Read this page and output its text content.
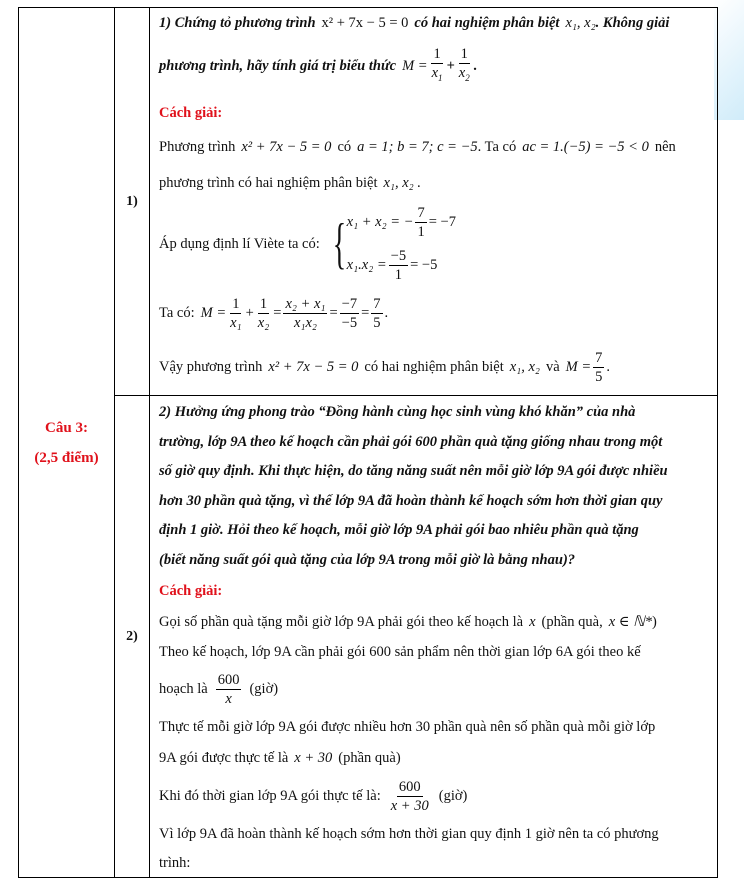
Câu 3:
(2,5 điểm)
	1)	
1) Chứng tỏ phương trình x² + 7x − 5 = 0 có hai nghiệm phân biệt x₁, x₂ . Không giải
phương trình, hãy tính giá trị biểu thức $M = \frac{1}{x_1} + \frac{1}{x_2}$ .
Cách giải:
Phương trình x² + 7x − 5 = 0 có a = 1; b = 7; c = −5 . Ta có ac = 1.(−5) = −5 < 0 nên
phương trình có hai nghiệm phân biệt x₁, x₂ .
Áp dụng định lí Viète ta có: { x₁ + x₂ = − $\frac{7}{1} = -7$
$x_1.x_2 = \frac{-5}{1} = -5$
Ta có: $M = \frac{1}{\text{x₁}} + \frac{1}{\text{x₂}} = \frac{\text{x₂ + x₁}}{\text{x₁x₂}} = \frac{-7}{-5} = \frac{7}{5}$ .
Vậy phương trình x² + 7x − 5 = 0 có hai nghiệm phân biệt x₁, x₂ và $M = \frac{7}{5}$ .

2)	
2) Hưởng ứng phong trào “Đồng hành cùng học sinh vùng khó khăn” của nhà
trường, lớp 9A theo kế hoạch cần phải gói 600 phần quà tặng giống nhau trong một
số giờ quy định. Khi thực hiện, do tăng năng suất nên mỗi giờ lớp 9A gói được nhiều
hơn 30 phần quà tặng, vì thế lớp 9A đã hoàn thành kế hoạch sớm hơn thời gian quy
định 1 giờ. Hỏi theo kế hoạch, mỗi giờ lớp 9A phải gói bao nhiêu phần quà tặng
(biết năng suất gói quà tặng của lớp 9A trong mỗi giờ là bằng nhau)?
Cách giải:
Gọi số phần quà tặng mỗi giờ lớp 9A phải gói theo kế hoạch là x (phần quà, x ∈ ℕ* )
Theo kế hoạch, lớp 9A cần phải gói 600 sản phẩm nên thời gian lớp 6A gói theo kế
hoạch là $\frac{600}{x}$ (giờ)
Thực tế mỗi giờ lớp 9A gói được nhiều hơn 30 phần quà nên số phần quà mỗi giờ lớp
9A gói được thực tế là x + 30 (phần quà)
Khi đó thời gian lớp 9A gói thực tế là: $\frac{600}{x + 30}$ (giờ)
Vì lớp 9A đã hoàn thành kế hoạch sớm hơn thời gian quy định 1 giờ nên ta có phương
trình:
